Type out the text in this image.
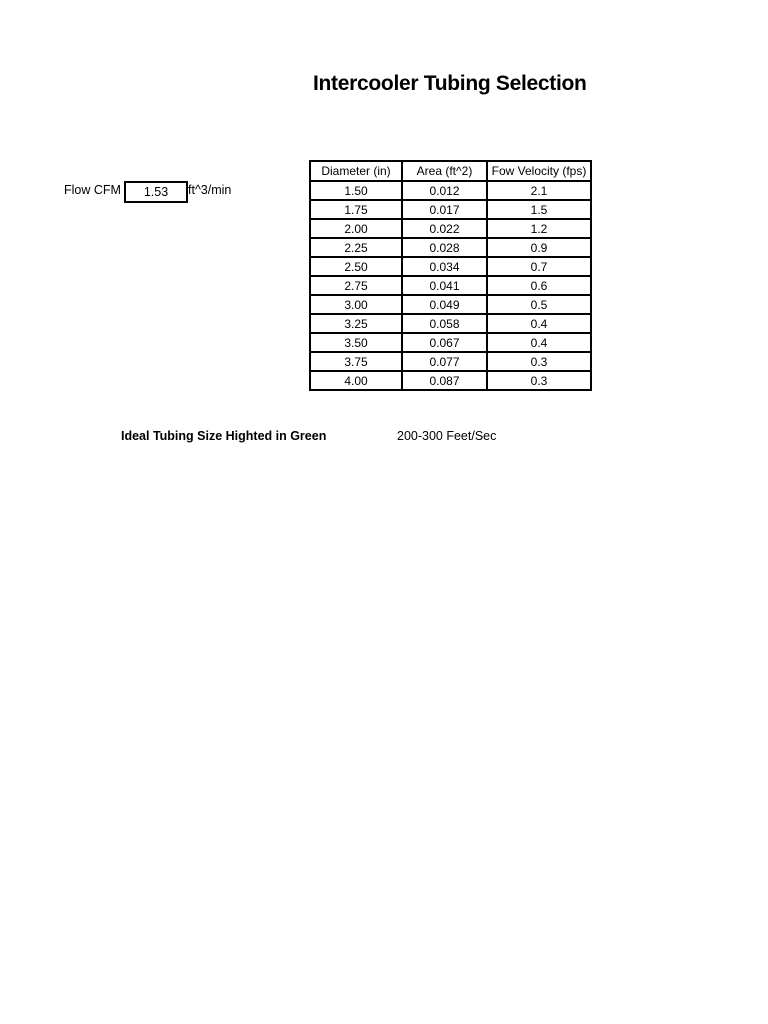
Intercooler Tubing Selection
Flow CFM	1.53	ft^3/min
Diameter (in)	Area (ft^2)	Fow Velocity (fps)
1.50	0.012	2.1
1.75	0.017	1.5
2.00	0.022	1.2
2.25	0.028	0.9
2.50	0.034	0.7
2.75	0.041	0.6
3.00	0.049	0.5
3.25	0.058	0.4
3.50	0.067	0.4
3.75	0.077	0.3
4.00	0.087	0.3
Ideal Tubing Size Highted in Green	200-300 Feet/Sec
